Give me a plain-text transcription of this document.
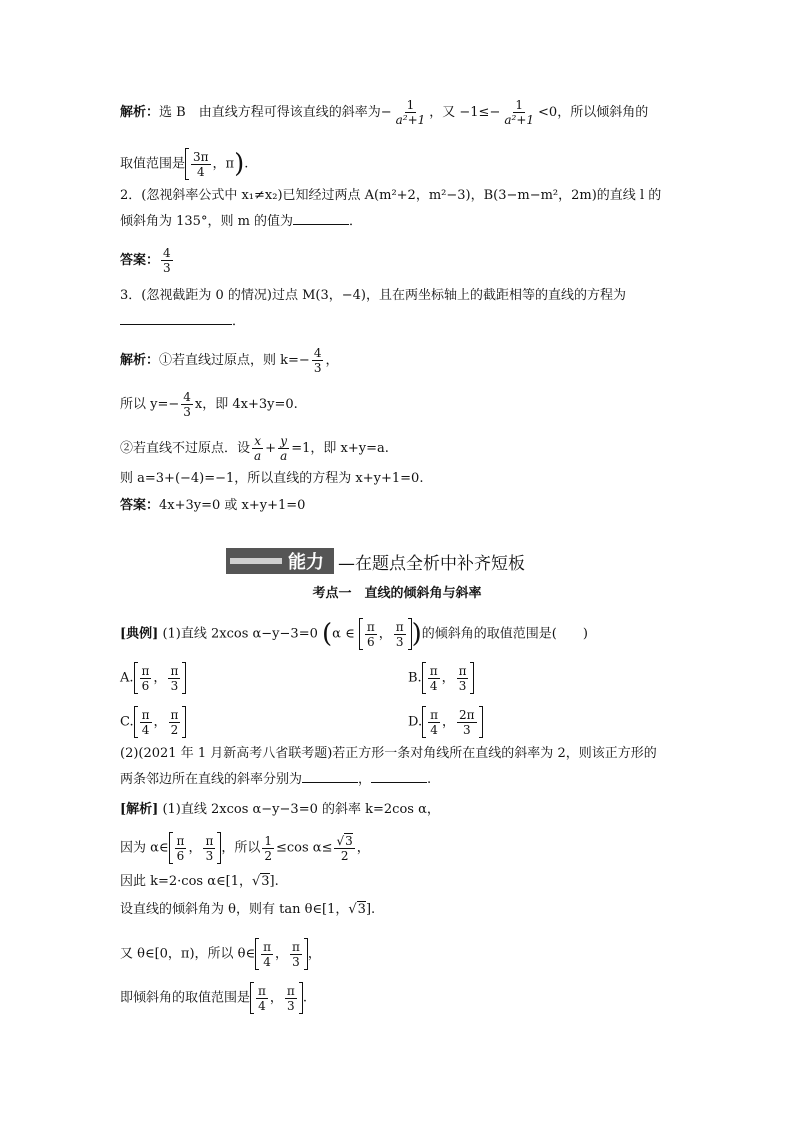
解析：选 B　由直线方程可得该直线的斜率为− $\frac{1}{\text{a²+1}}$ ，又 $-1\le- \frac{1}{\text{a²+1}} <0$，所以倾斜角的
取值范围是 $\frac{3\pi}{4}$ ，π).
2．(忽视斜率公式中 x₁≠x₂)已知经过两点 A(m²+2，m²−3)，B(3−m−m²，2m)的直线 l 的
倾斜角为 135°，则 m 的值为	．
答案： $\frac{4}{3}$
3．(忽视截距为 0 的情况)过点 M(3，−4)，且在两坐标轴上的截距相等的直线的方程为
．
解析：①若直线过原点，则 $k=- \frac{4}{3}$ ，
所以 $y=- \frac{4}{3}$ x，即 4x+3y=0.
②若直线不过原点．设 $\frac{x}{a} + \frac{y}{a} =1$，即 x+y=a.
则 a=3+(−4)=−1，所以直线的方程为 x+y+1=0.
答案：4x+3y=0 或 x+y+1=0
能力 —在题点全析中补齐短板
考点一　直线的倾斜角与斜率
[典例] (1)直线 2xcos α−y−3=0 (α ∈ $\frac{\pi}{6}$ ， $\frac{\pi}{3}$ )的倾斜角的取值范围是(　　)
A. $\frac{\pi}{6}$ ， $\frac{\pi}{3}$	B. $\frac{\pi}{4}$ ， $\frac{\pi}{3}$
C. $\frac{\pi}{4}$ ， $\frac{\pi}{2}$	D. $\frac{\pi}{4}$ ， $\frac{2\pi}{3}$
(2)(2021 年 1 月新高考八省联考题)若正方形一条对角线所在直线的斜率为 2，则该正方形的
两条邻边所在直线的斜率分别为	，	.
[解析] (1)直线 2xcos α−y−3=0 的斜率 k=2cos α，
因为 α∈ $\frac{\pi}{6}$ ， $\frac{\pi}{3}$ ，所以 $\frac{1}{2} \le\cos$ $\alpha\le \frac{√3}{2}$ ，
因此 k=2·cos α∈[1，√3].
设直线的倾斜角为 θ，则有 tan θ∈[1，√3].
又 θ∈[0，π)，所以 θ∈ $\frac{\pi}{4}$ ， $\frac{\pi}{3}$ ，
即倾斜角的取值范围是 $\frac{\pi}{4}$ ， $\frac{\pi}{3}$ .
